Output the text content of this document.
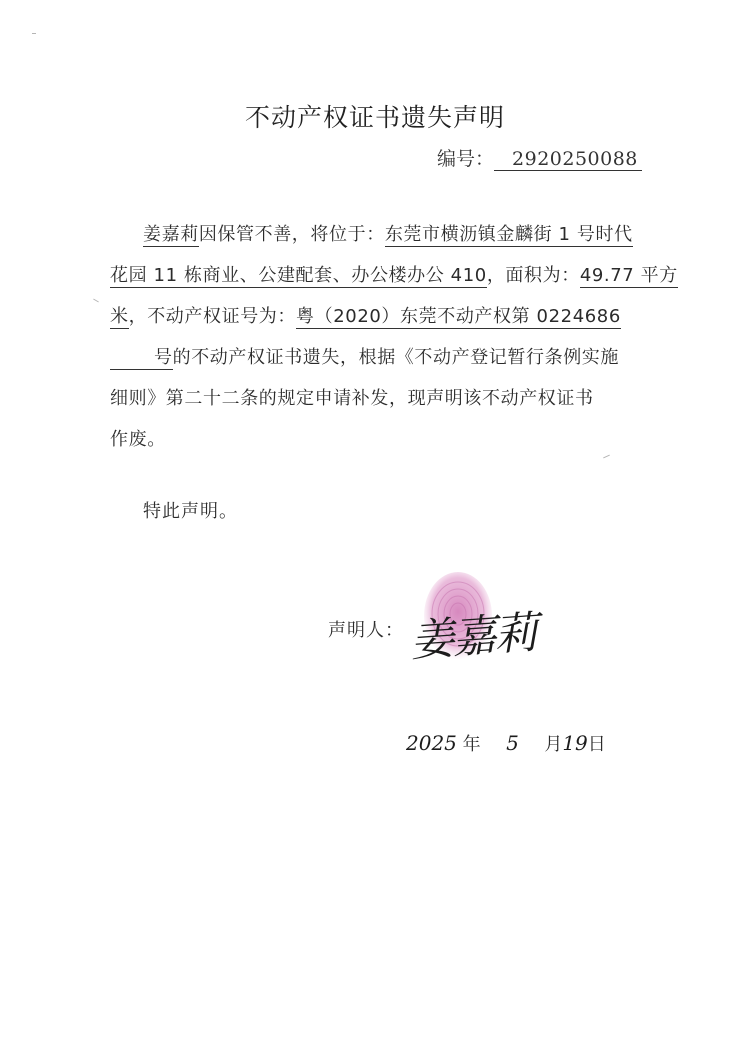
不动产权证书遗失声明
编号： 2920250088
姜嘉莉因保管不善，将位于：东莞市横沥镇金麟街 1 号时代
花园 11 栋商业、公建配套、办公楼办公 410，面积为：49.77 平方
米，不动产权证号为：粤（2020）东莞不动产权第 0224686
号的不动产权证书遗失，根据《不动产登记暂行条例实施
细则》第二十二条的规定申请补发，现声明该不动产权证书
作废。
特此声明。
声明人： 姜嘉莉
2025 年 5 月19日
